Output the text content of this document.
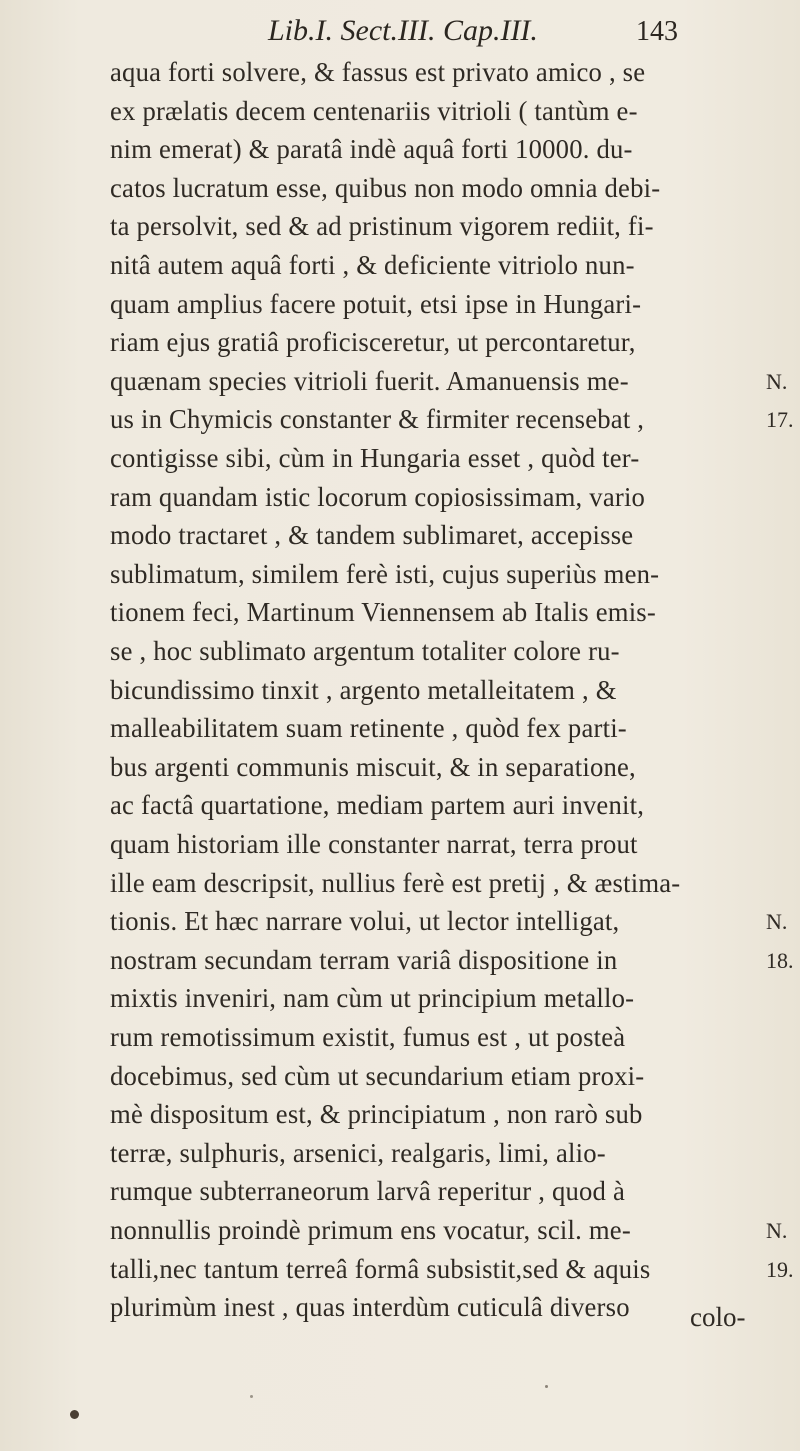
Lib.I. Sect.III. Cap.III.	143
aqua forti solvere, & fassus est privato amico , se
ex prælatis decem centenariis vitrioli ( tantùm e-
nim emerat) & paratâ indè aquâ forti 10000. du-
catos lucratum esse, quibus non modo omnia debi-
ta persolvit, sed & ad pristinum vigorem rediit, fi-
nitâ autem aquâ forti , & deficiente vitriolo nun-
quam amplius facere potuit, etsi ipse in Hungari-
riam ejus gratiâ proficisceretur, ut percontaretur,
quænam species vitrioli fuerit. Amanuensis me-
us in Chymicis constanter & firmiter recensebat ,
contigisse sibi, cùm in Hungaria esset , quòd ter-
ram quandam istic locorum copiosissimam, vario
modo tractaret , & tandem sublimaret, accepisse
sublimatum, similem ferè isti, cujus superiùs men-
tionem feci, Martinum Viennensem ab Italis emis-
se , hoc sublimato argentum totaliter colore ru-
bicundissimo tinxit , argento metalleitatem , &
malleabilitatem suam retinente , quòd fex parti-
bus argenti communis miscuit, & in separatione,
ac factâ quartatione, mediam partem auri invenit,
quam historiam ille constanter narrat, terra prout
ille eam descripsit, nullius ferè est pretij , & æstima-
tionis. Et hæc narrare volui, ut lector intelligat,
nostram secundam terram variâ dispositione in
mixtis inveniri, nam cùm ut principium metallo-
rum remotissimum existit, fumus est , ut posteà
docebimus, sed cùm ut secundarium etiam proxi-
mè dispositum est, & principiatum , non rarò sub
terræ, sulphuris, arsenici, realgaris, limi, alio-
rumque subterraneorum larvâ reperitur , quod à
nonnullis proindè primum ens vocatur, scil. me-
talli,nec tantum terreâ formâ subsistit,sed & aquis
plurimùm inest , quas interdùm cuticulâ diverso
N.
17.
N.
18.
N.
19.
colo-
